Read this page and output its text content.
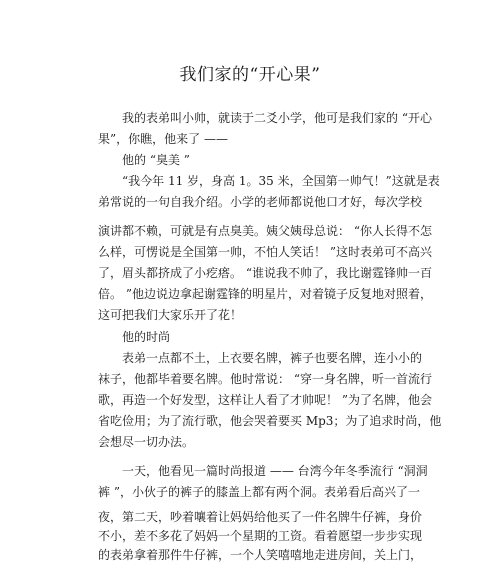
我们家的“开心果”
我的表弟叫小帅，就读于二爻小学，他可是我们家的 “开心
果”，你瞧，他来了 ——
他的 “臭美 ”
“我今年 11 岁，身高 1。35 米，全国第一帅气！”这就是表
弟常说的一句自我介绍。小学的老师都说他口才好，每次学校
演讲都不赖，可就是有点臭美。姨父姨母总说： “你人长得不怎
么样，可愣说是全国第一帅，不怕人笑话！ ”这时表弟可不高兴
了，眉头都挤成了小疙瘩。 “谁说我不帅了，我比谢霆锋帅一百
倍。 ”他边说边拿起谢霆锋的明星片，对着镜子反复地对照着，
这可把我们大家乐开了花！
他的时尚
表弟一点都不土，上衣要名牌，裤子也要名牌，连小小的
袜子，他都毕着要名牌。他时常说： “穿一身名牌，听一首流行
歌，再造一个好发型，这样让人看了才帅呢！ ”为了名牌，他会
省吃俭用；为了流行歌，他会哭着要买 Mp3；为了追求时尚，他
会想尽一切办法。
一天，他看见一篇时尚报道 —— 台湾今年冬季流行 “洞洞
裤 ”，小伙子的裤子的膝盖上都有两个洞。表弟看后高兴了一
夜，第二天，吵着嚷着让妈妈给他买了一件名牌牛仔裤，身价
不小，差不多花了妈妈一个星期的工资。看着愿望一步步实现
的表弟拿着那件牛仔裤，一个人笑嘻嘻地走进房间，关上门，
